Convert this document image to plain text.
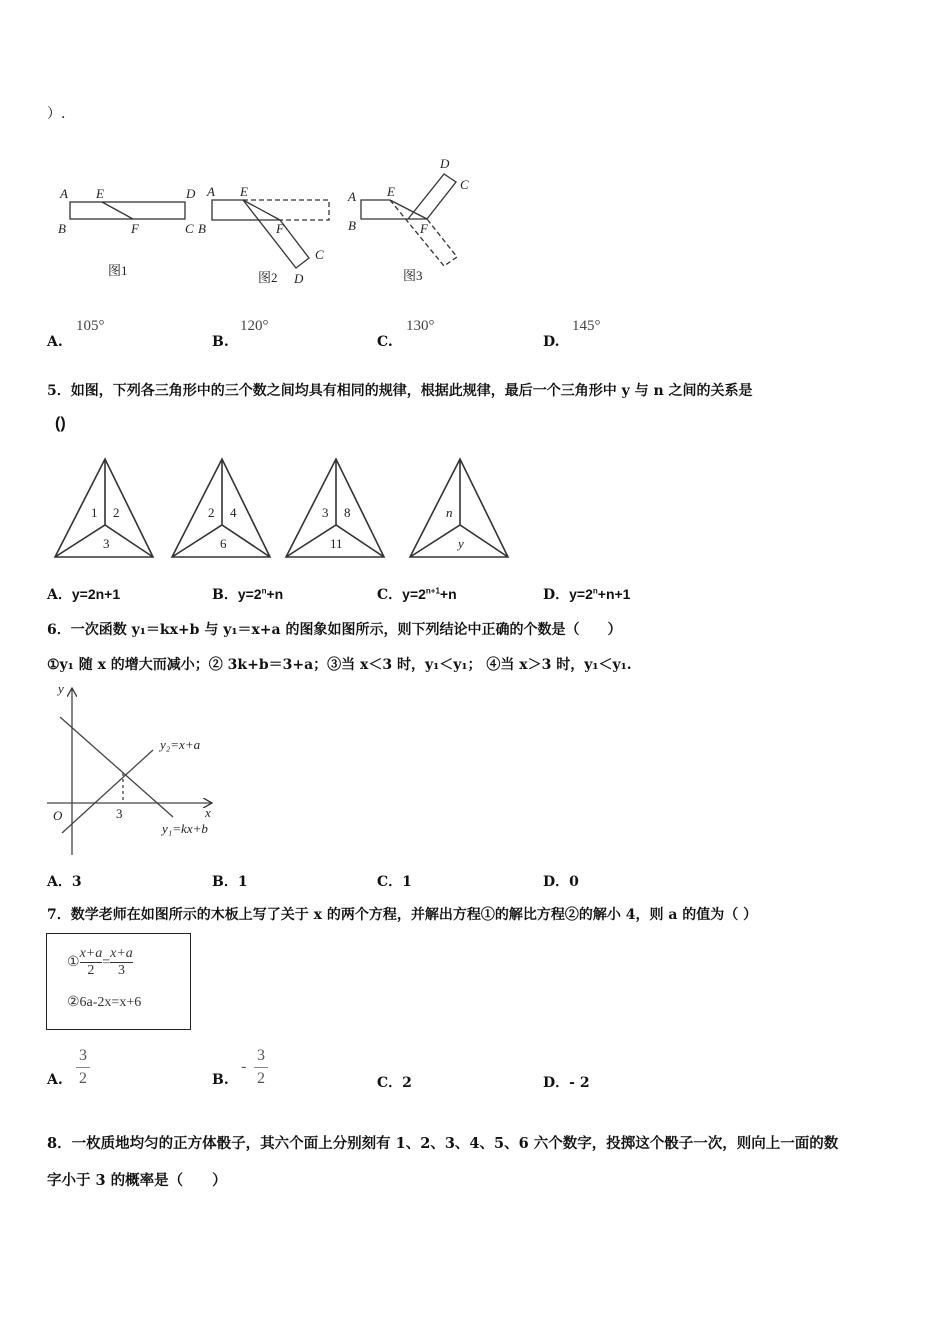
）.
A E	D
B	F	C
A E
B	F
C
D
A E
B	F
D
C
图1	图2	图3
A.
105°
B.
120°
C.
130°
D.
145°
5．如图，下列各三角形中的三个数之间均具有相同的规律，根据此规律，最后一个三角形中 y 与 n 之间的关系是
()
1 2
3
2 4
6
3 8
11
n
y
A．y=2n+1	B．$y=2^n+n$	C．$y=2^{n+1}+n$	D．$y=2^n+n+1$
6．一次函数 y₁＝kx+b 与 y₁＝x+a 的图象如图所示，则下列结论中正确的个数是（　　）
①y₁ 随 x 的增大而减小；② 3k+b＝3+a；③当 x＜3 时，y₁＜y₁； ④当 x＞3 时，y₁＜y₁.
y
x
O	3
y₂=x+a
y₁=kx+b
A．3	B．1	C．1	D．0
7．数学老师在如图所示的木板上写了关于 x 的两个方程，并解出方程①的解比方程②的解小 4，则 a 的值为（ ）
① $\frac{x+a}{2} = \frac{x+a}{3}$
②6a-2x=x+6
A. $\frac{3}{2}$	B.
- $\frac{3}{2}$	C．2	D．- 2
8．一枚质地均匀的正方体骰子，其六个面上分别刻有 1、2、3、4、5、6 六个数字，投掷这个骰子一次，则向上一面的数
字小于 3 的概率是（　　）
